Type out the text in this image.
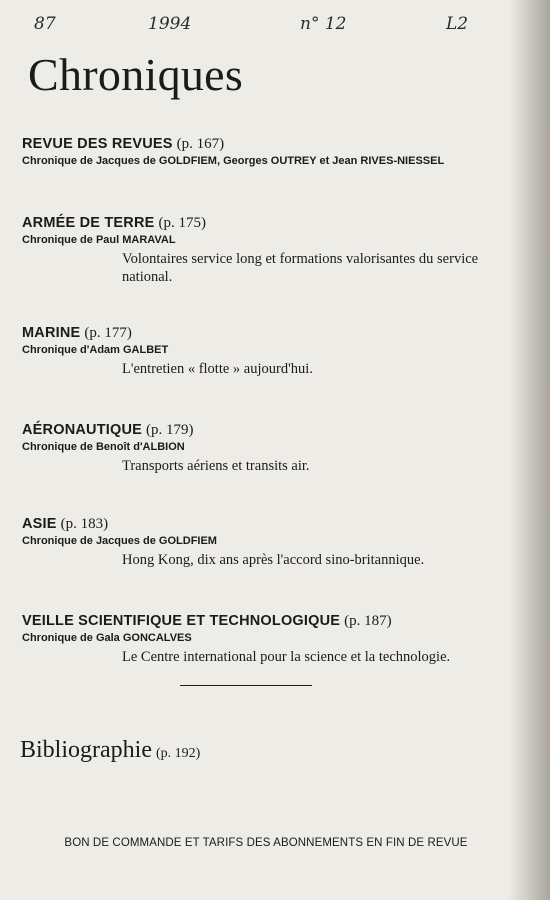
87	1994	n° 12	L2
Chroniques
REVUE DES REVUES (p. 167)
Chronique de Jacques de GOLDFIEM, Georges OUTREY et Jean RIVES-NIESSEL
ARMÉE DE TERRE (p. 175)
Chronique de Paul MARAVAL
Volontaires service long et formations valorisantes du service national.
MARINE (p. 177)
Chronique d'Adam GALBET
L'entretien « flotte » aujourd'hui.
AÉRONAUTIQUE (p. 179)
Chronique de Benoît d'ALBION
Transports aériens et transits air.
ASIE (p. 183)
Chronique de Jacques de GOLDFIEM
Hong Kong, dix ans après l'accord sino-britannique.
VEILLE SCIENTIFIQUE ET TECHNOLOGIQUE (p. 187)
Chronique de Gala GONCALVES
Le Centre international pour la science et la technologie.
Bibliographie (p. 192)
BON DE COMMANDE ET TARIFS DES ABONNEMENTS EN FIN DE REVUE
